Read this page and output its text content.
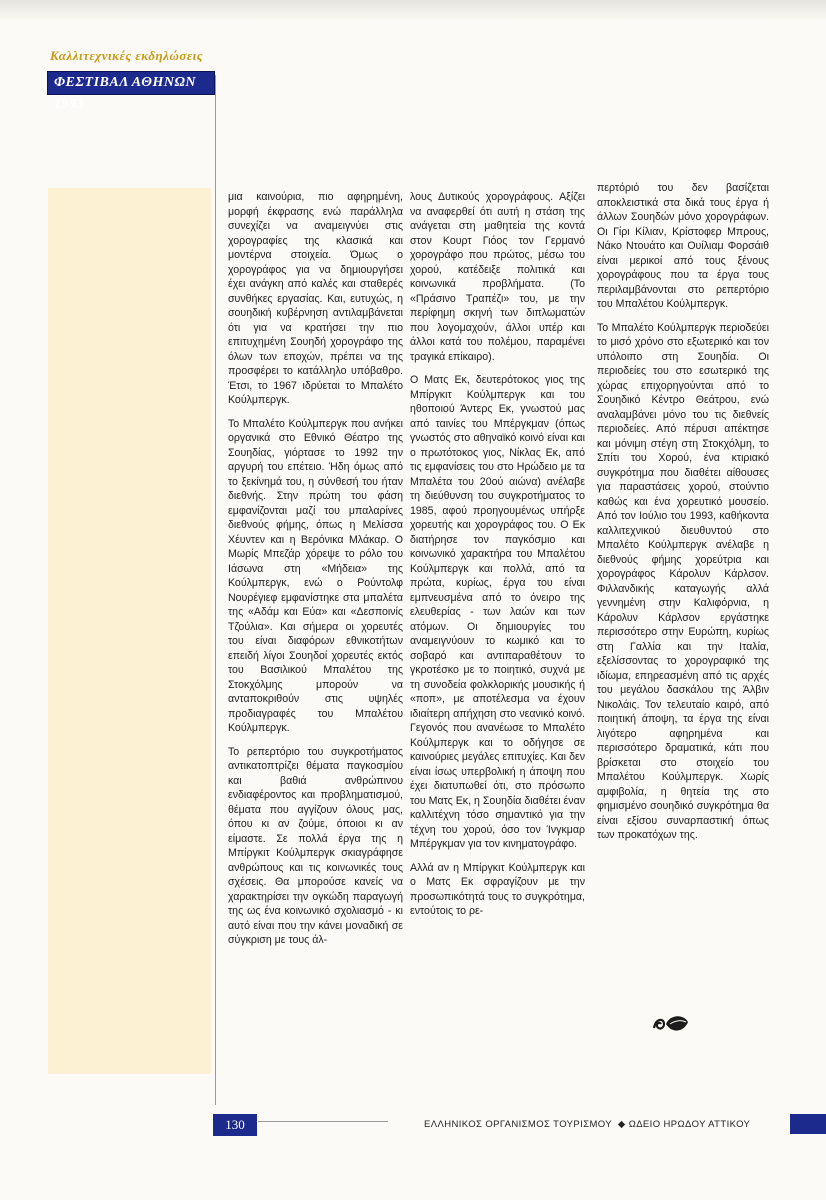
Καλλιτεχνικές εκδηλώσεις
ΦΕΣΤΙΒΑΛ ΑΘΗΝΩΝ 1993

μια καινούρια, πιο αφηρημένη, μορφή έκφρασης ενώ παράλληλα συνεχίζει να αναμειγνύει στις χορογραφίες της κλασικά και μοντέρνα στοιχεία. Όμως ο χορογράφος για να δημιουργήσει έχει ανάγκη από καλές και σταθερές συνθήκες εργασίας. Και, ευτυχώς, η σουηδική κυβέρνηση αντιλαμβάνεται ότι για να κρατήσει την πιο επιτυχημένη Σουηδή χορογράφο της όλων των εποχών, πρέπει να της προσφέρει το κατάλληλο υπόβαθρο. Έτσι, το 1967 ιδρύεται το Μπαλέτο Κούλμπεργκ.

Το Μπαλέτο Κούλμπεργκ που ανήκει οργανικά στο Εθνικό Θέατρο της Σουηδίας, γιόρτασε το 1992 την αργυρή του επέτειο. Ήδη όμως από το ξεκίνημά του, η σύνθεσή του ήταν διεθνής. Στην πρώτη του φάση εμφανίζονται μαζί του μπαλαρίνες διεθνούς φήμης, όπως η Μελίσσα Χέυντεν και η Βερόνικα Μλάκαρ. Ο Μωρίς Μπεζάρ χόρεψε το ρόλο του Ιάσωνα στη «Μήδεια» της Κούλμπεργκ, ενώ ο Ρούντολφ Νουρέγιεφ εμφανίστηκε στα μπαλέτα της «Αδάμ και Εύα» και «Δεσποινίς Τζούλια». Και σήμερα οι χορευτές του είναι διαφόρων εθνικοτήτων επειδή λίγοι Σουηδοί χορευτές εκτός του Βασιλικού Μπαλέτου της Στοκχόλμης μπορούν να ανταποκριθούν στις υψηλές προδιαγραφές του Μπαλέτου Κούλμπεργκ.

Το ρεπερτόριο του συγκροτήματος αντικατοπτρίζει θέματα παγκοσμίου και βαθιά ανθρώπινου ενδιαφέροντος και προβληματισμού, θέματα που αγγίζουν όλους μας, όπου κι αν ζούμε, όποιοι κι αν είμαστε. Σε πολλά έργα της η Μπίργκιτ Κούλμπεργκ σκιαγράφησε ανθρώπους και τις κοινωνικές τους σχέσεις. Θα μπορούσε κανείς να χαρακτηρίσει την ογκώδη παραγωγή της ως ένα κοινωνικό σχολιασμό - κι αυτό είναι που την κάνει μοναδική σε σύγκριση με τους άλ-

λους Δυτικούς χορογράφους. Αξίζει να αναφερθεί ότι αυτή η στάση της ανάγεται στη μαθητεία της κοντά στον Κουρτ Γιόος τον Γερμανό χορογράφο που πρώτος, μέσω του χορού, κατέδειξε πολιτικά και κοινωνικά προβλήματα. (Το «Πράσινο Τραπέζι» του, με την περίφημη σκηνή των διπλωματών που λογομαχούν, άλλοι υπέρ και άλλοι κατά του πολέμου, παραμένει τραγικά επίκαιρο).

Ο Ματς Εκ, δευτερότοκος γιος της Μπίργκιτ Κούλμπεργκ και του ηθοποιού Άντερς Εκ, γνωστού μας από ταινίες του Μπέργκμαν (όπως γνωστός στο αθηναϊκό κοινό είναι και ο πρωτότοκος γιος, Νίκλας Εκ, από τις εμφανίσεις του στο Ηρώδειο με τα Μπαλέτα του 20ού αιώνα) ανέλαβε τη διεύθυνση του συγκροτήματος το 1985, αφού προηγουμένως υπήρξε χορευτής και χορογράφος του. Ο Εκ διατήρησε τον παγκόσμιο και κοινωνικό χαρακτήρα του Μπαλέτου Κούλμπεργκ και πολλά, από τα πρώτα, κυρίως, έργα του είναι εμπνευσμένα από το όνειρο της ελευθερίας - των λαών και των ατόμων. Οι δημιουργίες του αναμειγνύουν το κωμικό και το σοβαρό και αντιπαραθέτουν το γκροτέσκο με το ποιητικό, συχνά με τη συνοδεία φολκλορικής μουσικής ή «ποπ», με αποτέλεσμα να έχουν ιδιαίτερη απήχηση στο νεανικό κοινό. Γεγονός που ανανέωσε το Μπαλέτο Κούλμπεργκ και το οδήγησε σε καινούριες μεγάλες επιτυχίες. Και δεν είναι ίσως υπερβολική η άποψη που έχει διατυπωθεί ότι, στο πρόσωπο του Ματς Εκ, η Σουηδία διαθέτει έναν καλλιτέχνη τόσο σημαντικό για την τέχνη του χορού, όσο τον Ίνγκμαρ Μπέργκμαν για τον κινηματογράφο.

Αλλά αν η Μπίργκιτ Κούλμπεργκ και ο Ματς Εκ σφραγίζουν με την προσωπικότητά τους το συγκρότημα, εντούτοις το ρε-

περτόριό του δεν βασίζεται αποκλειστικά στα δικά τους έργα ή άλλων Σουηδών μόνο χορογράφων. Οι Γίρι Κίλιαν, Κρίστοφερ Μπρους, Νάκο Ντουάτο και Ουίλιαμ Φορσάιθ είναι μερικοί από τους ξένους χορογράφους που τα έργα τους περιλαμβάνονται στο ρεπερτόριο του Μπαλέτου Κούλμπεργκ.

Το Μπαλέτο Κούλμπεργκ περιοδεύει το μισό χρόνο στο εξωτερικό και τον υπόλοιπο στη Σουηδία. Οι περιοδείες του στο εσωτερικό της χώρας επιχορηγούνται από το Σουηδικό Κέντρο Θεάτρου, ενώ αναλαμβάνει μόνο του τις διεθνείς περιοδείες. Από πέρυσι απέκτησε και μόνιμη στέγη στη Στοκχόλμη, το Σπίτι του Χορού, ένα κτιριακό συγκρότημα που διαθέτει αίθουσες για παραστάσεις χορού, στούντιο καθώς και ένα χορευτικό μουσείο. Από τον Ιούλιο του 1993, καθήκοντα καλλιτεχνικού διευθυντού στο Μπαλέτο Κούλμπεργκ ανέλαβε η διεθνούς φήμης χορεύτρια και χορογράφος Κάρολυν Κάρλσον. Φιλλανδικής καταγωγής αλλά γεννημένη στην Καλιφόρνια, η Κάρολυν Κάρλσον εργάστηκε περισσότερο στην Ευρώπη, κυρίως στη Γαλλία και την Ιταλία, εξελίσσοντας το χορογραφικό της ιδίωμα, επηρεασμένη από τις αρχές του μεγάλου δασκάλου της Άλβιν Νικολάις. Τον τελευταίο καιρό, από ποιητική άποψη, τα έργα της είναι λιγότερο αφηρημένα και περισσότερο δραματικά, κάτι που βρίσκεται στο στοιχείο του Μπαλέτου Κούλμπεργκ. Χωρίς αμφιβολία, η θητεία της στο φημισμένο σουηδικό συγκρότημα θα είναι εξίσου συναρπαστική όπως των προκατόχων της.

130	ΕΛΛΗΝΙΚΟΣ ΟΡΓΑΝΙΣΜΟΣ ΤΟΥΡΙΣΜΟΥ  ◆ ΩΔΕΙΟ ΗΡΩΔΟΥ ΑΤΤΙΚΟΥ
